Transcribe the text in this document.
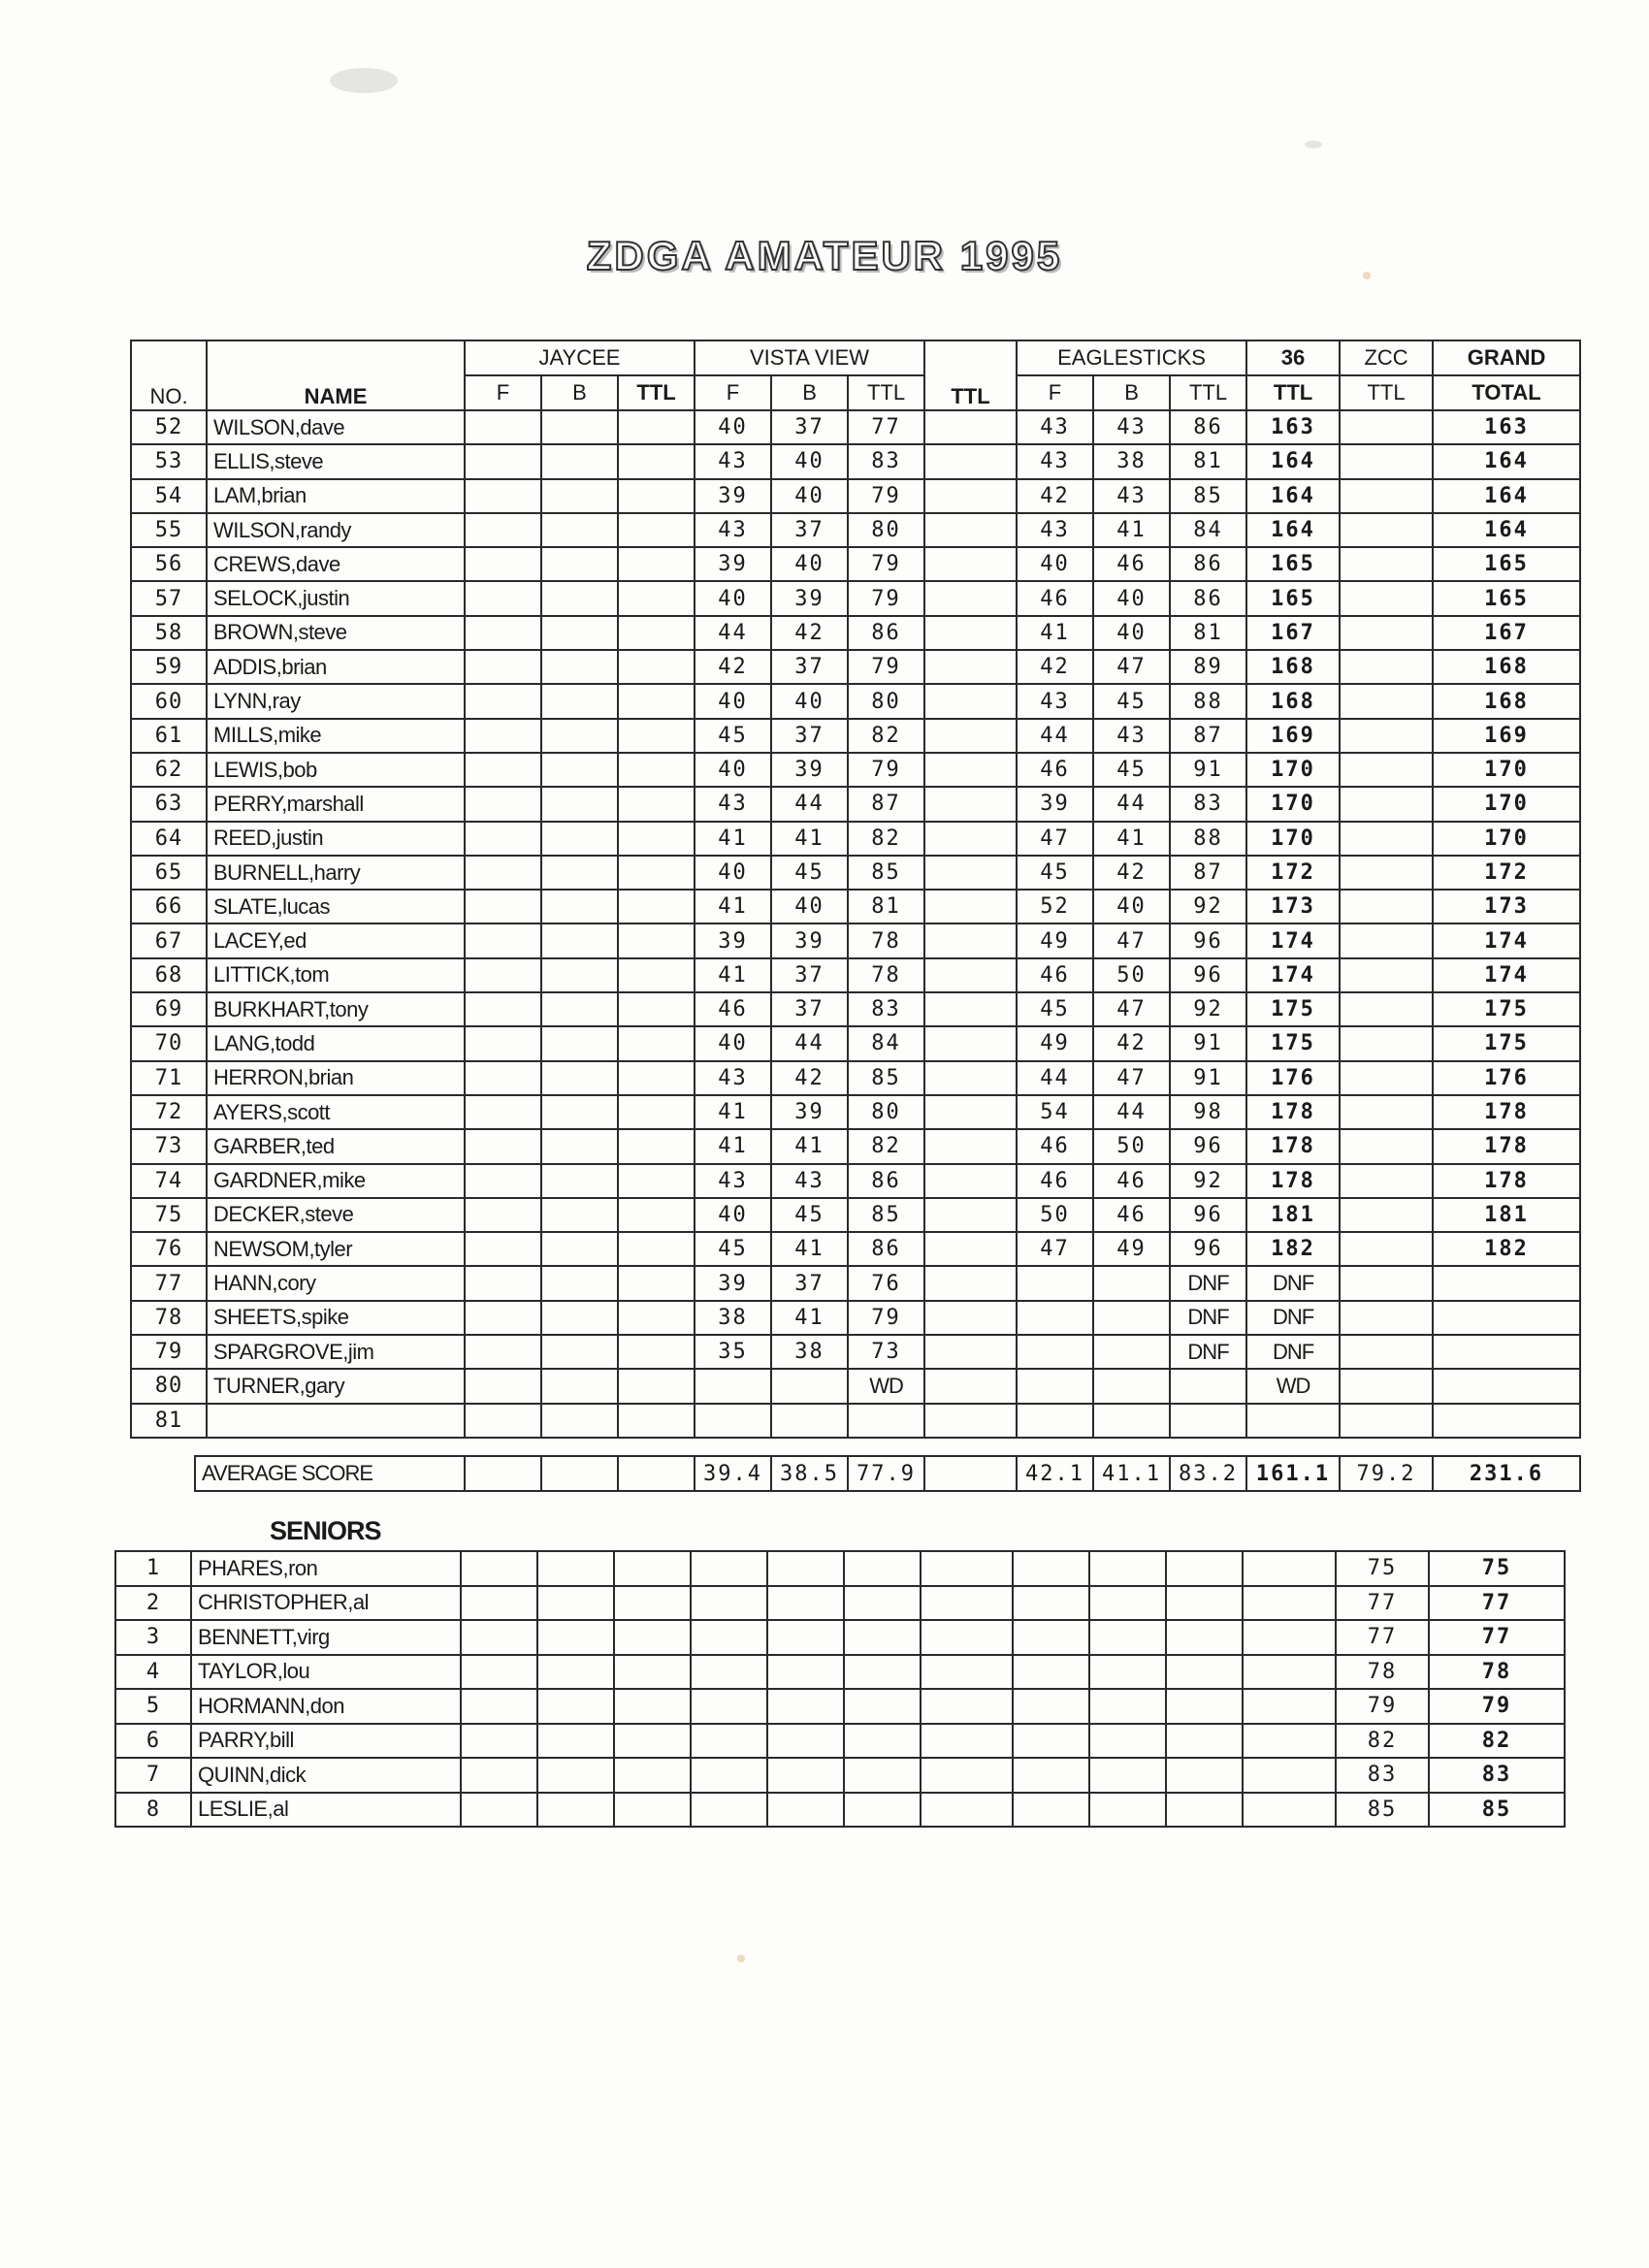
ZDGA AMATEUR 1995
NO.	NAME	JAYCEE			VISTA VIEW			TTL	EAGLESTICKS			36	ZCC	GRAND
		F	B	TTL	F	B	TTL		F	B	TTL	TTL	TTL	TOTAL
52	WILSON,dave				40	37	77		43	43	86	163		163
53	ELLIS,steve				43	40	83		43	38	81	164		164
54	LAM,brian				39	40	79		42	43	85	164		164
55	WILSON,randy				43	37	80		43	41	84	164		164
56	CREWS,dave				39	40	79		40	46	86	165		165
57	SELOCK,justin				40	39	79		46	40	86	165		165
58	BROWN,steve				44	42	86		41	40	81	167		167
59	ADDIS,brian				42	37	79		42	47	89	168		168
60	LYNN,ray				40	40	80		43	45	88	168		168
61	MILLS,mike				45	37	82		44	43	87	169		169
62	LEWIS,bob				40	39	79		46	45	91	170		170
63	PERRY,marshall				43	44	87		39	44	83	170		170
64	REED,justin				41	41	82		47	41	88	170		170
65	BURNELL,harry				40	45	85		45	42	87	172		172
66	SLATE,lucas				41	40	81		52	40	92	173		173
67	LACEY,ed				39	39	78		49	47	96	174		174
68	LITTICK,tom				41	37	78		46	50	96	174		174
69	BURKHART,tony				46	37	83		45	47	92	175		175
70	LANG,todd				40	44	84		49	42	91	175		175
71	HERRON,brian				43	42	85		44	47	91	176		176
72	AYERS,scott				41	39	80		54	44	98	178		178
73	GARBER,ted				41	41	82		46	50	96	178		178
74	GARDNER,mike				43	43	86		46	46	92	178		178
75	DECKER,steve				40	45	85		50	46	96	181		181
76	NEWSOM,tyler				45	41	86		47	49	96	182		182
77	HANN,cory				39	37	76				DNF	DNF		
78	SHEETS,spike				38	41	79				DNF	DNF		
79	SPARGROVE,jim				35	38	73				DNF	DNF		
80	TURNER,gary						WD					WD		
81														
AVERAGE SCORE				39.4	38.5	77.9		42.1	41.1	83.2	161.1	79.2	231.6
SENIORS
1	PHARES,ron												75	75
2	CHRISTOPHER,al												77	77
3	BENNETT,virg												77	77
4	TAYLOR,lou												78	78
5	HORMANN,don												79	79
6	PARRY,bill												82	82
7	QUINN,dick												83	83
8	LESLIE,al												85	85
